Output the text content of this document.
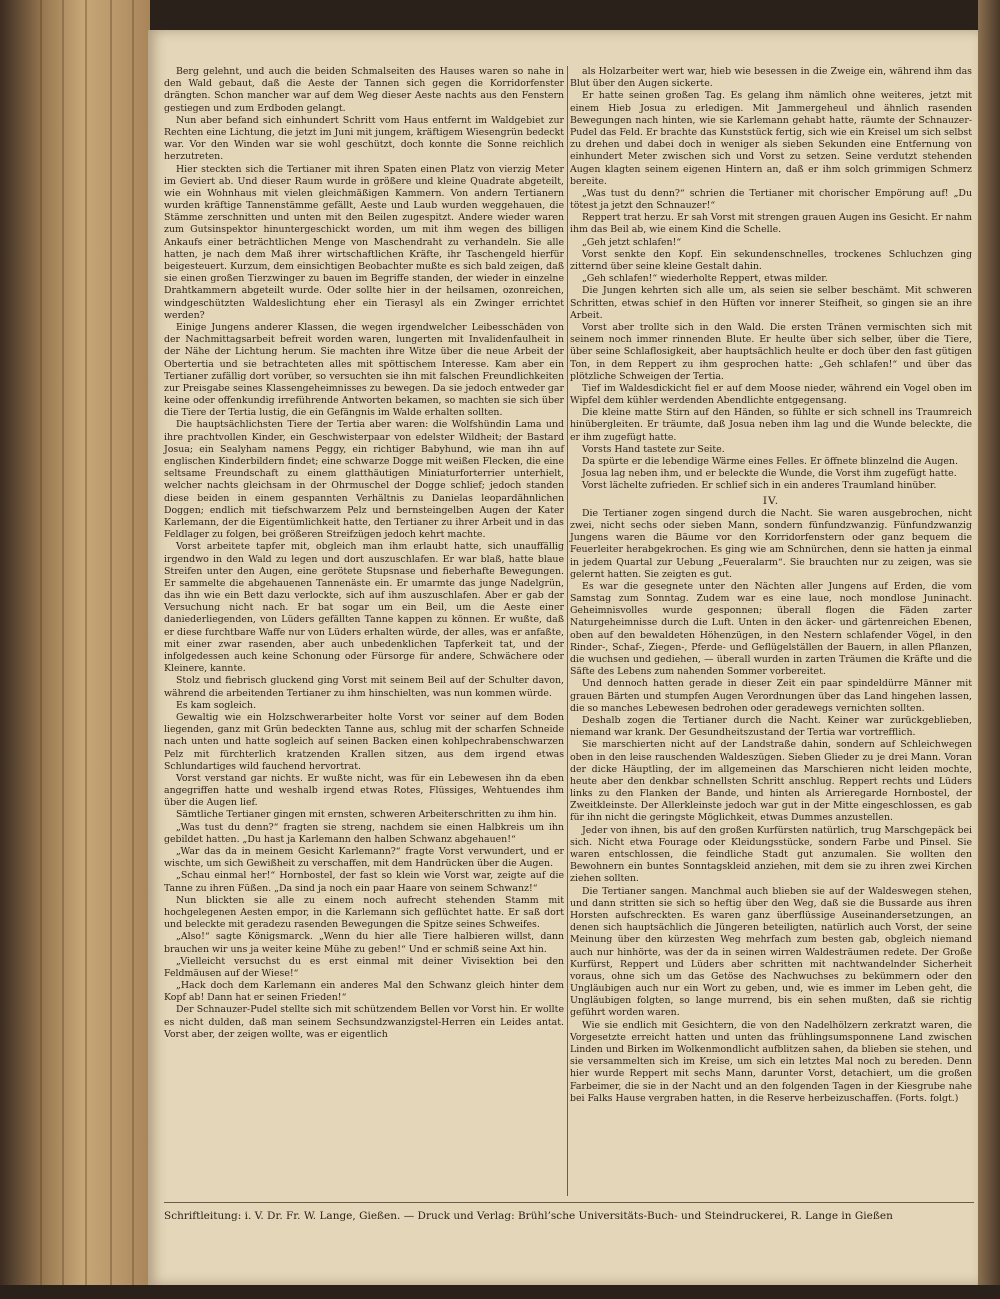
Berg gelehnt, und auch die beiden Schmalseiten des Hauses waren so nahe in den Wald gebaut, daß die Aeste der Tannen sich gegen die Korridorfenster drängten. Schon mancher war auf dem Weg dieser Aeste nachts aus den Fenstern gestiegen und zum Erdboden gelangt.

Nun aber befand sich einhundert Schritt vom Haus entfernt im Waldgebiet zur Rechten eine Lichtung, die jetzt im Juni mit jungem, kräftigem Wiesengrün bedeckt war. Vor den Winden war sie wohl geschützt, doch konnte die Sonne reichlich herzutreten.

Hier steckten sich die Tertianer mit ihren Spaten einen Platz von vierzig Meter im Geviert ab. Und dieser Raum wurde in größere und kleine Quadrate abgeteilt, wie ein Wohnhaus mit vielen gleichmäßigen Kammern. Von andern Tertianern wurden kräftige Tannenstämme gefällt, Aeste und Laub wurden weggehauen, die Stämme zerschnitten und unten mit den Beilen zugespitzt. Andere wieder waren zum Gutsinspektor hinuntergeschickt worden, um mit ihm wegen des billigen Ankaufs einer beträchtlichen Menge von Maschendraht zu verhandeln. Sie alle hatten, je nach dem Maß ihrer wirtschaftlichen Kräfte, ihr Taschengeld hierfür beigesteuert. Kurzum, dem einsichtigen Beobachter mußte es sich bald zeigen, daß sie einen großen Tierzwinger zu bauen im Begriffe standen, der wieder in einzelne Drahtkammern abgeteilt wurde. Oder sollte hier in der heilsamen, ozonreichen, windgeschützten Waldeslichtung eher ein Tierasyl als ein Zwinger errichtet werden?

Einige Jungens anderer Klassen, die wegen irgendwelcher Leibesschäden von der Nachmittagsarbeit befreit worden waren, lungerten mit Invalidenfaulheit in der Nähe der Lichtung herum. Sie machten ihre Witze über die neue Arbeit der Obertertia und sie betrachteten alles mit spöttischem Interesse. Kam aber ein Tertianer zufällig dort vorüber, so versuchten sie ihn mit falschen Freundlichkeiten zur Preisgabe seines Klassengeheimnisses zu bewegen. Da sie jedoch entweder gar keine oder offenkundig irreführende Antworten bekamen, so machten sie sich über die Tiere der Tertia lustig, die ein Gefängnis im Walde erhalten sollten.

Die hauptsächlichsten Tiere der Tertia aber waren: die Wolfshündin Lama und ihre prachtvollen Kinder, ein Geschwisterpaar von edelster Wildheit; der Bastard Josua; ein Sealyham namens Peggy, ein richtiger Babyhund, wie man ihn auf englischen Kinderbildern findet; eine schwarze Dogge mit weißen Flecken, die eine seltsame Freundschaft zu einem glatthäutigen Miniaturforterrier unterhielt, welcher nachts gleichsam in der Ohrmuschel der Dogge schlief; jedoch standen diese beiden in einem gespannten Verhältnis zu Danielas leopardähnlichen Doggen; endlich mit tiefschwarzem Pelz und bernsteingelben Augen der Kater Karlemann, der die Eigentümlichkeit hatte, den Tertianer zu ihrer Arbeit und in das Feldlager zu folgen, bei größeren Streifzügen jedoch kehrt machte.

Vorst arbeitete tapfer mit, obgleich man ihm erlaubt hatte, sich unauffällig irgendwo in den Wald zu legen und dort auszuschlafen. Er war blaß, hatte blaue Streifen unter den Augen, eine gerötete Stupsnase und fieberhafte Bewegungen. Er sammelte die abgehauenen Tannenäste ein. Er umarmte das junge Nadelgrün, das ihn wie ein Bett dazu verlockte, sich auf ihm auszuschlafen. Aber er gab der Versuchung nicht nach. Er bat sogar um ein Beil, um die Aeste einer daniederliegenden, von Lüders gefällten Tanne kappen zu können. Er wußte, daß er diese furchtbare Waffe nur von Lüders erhalten würde, der alles, was er anfaßte, mit einer zwar rasenden, aber auch unbedenklichen Tapferkeit tat, und der infolgedessen auch keine Schonung oder Fürsorge für andere, Schwächere oder Kleinere, kannte.

Stolz und fiebrisch gluckend ging Vorst mit seinem Beil auf der Schulter davon, während die arbeitenden Tertianer zu ihm hinschielten, was nun kommen würde.

Es kam sogleich.

Gewaltig wie ein Holzschwerarbeiter holte Vorst vor seiner auf dem Boden liegenden, ganz mit Grün bedeckten Tanne aus, schlug mit der scharfen Schneide nach unten und hatte sogleich auf seinen Backen einen kohlpechrabenschwarzen Pelz mit fürchterlich kratzenden Krallen sitzen, aus dem irgend etwas Schlundartiges wild fauchend hervortrat.

Vorst verstand gar nichts. Er wußte nicht, was für ein Lebewesen ihn da eben angegriffen hatte und weshalb irgend etwas Rotes, Flüssiges, Wehtuendes ihm über die Augen lief.

Sämtliche Tertianer gingen mit ernsten, schweren Arbeiterschritten zu ihm hin.

„Was tust du denn?“ fragten sie streng, nachdem sie einen Halbkreis um ihn gebildet hatten. „Du hast ja Karlemann den halben Schwanz abgehauen!“

„War das da in meinem Gesicht Karlemann?“ fragte Vorst verwundert, und er wischte, um sich Gewißheit zu verschaffen, mit dem Handrücken über die Augen.

„Schau einmal her!“ Hornbostel, der fast so klein wie Vorst war, zeigte auf die Tanne zu ihren Füßen. „Da sind ja noch ein paar Haare von seinem Schwanz!“

Nun blickten sie alle zu einem noch aufrecht stehenden Stamm mit hochgelegenen Aesten empor, in die Karlemann sich geflüchtet hatte. Er saß dort und beleckte mit geradezu rasenden Bewegungen die Spitze seines Schweifes.

„Also!“ sagte Königsmarck. „Wenn du hier alle Tiere halbieren willst, dann brauchen wir uns ja weiter keine Mühe zu geben!“ Und er schmiß seine Axt hin.

„Vielleicht versuchst du es erst einmal mit deiner Vivisektion bei den Feldmäusen auf der Wiese!“

„Hack doch dem Karlemann ein anderes Mal den Schwanz gleich hinter dem Kopf ab! Dann hat er seinen Frieden!“

Der Schnauzer-Pudel stellte sich mit schützendem Bellen vor Vorst hin. Er wollte es nicht dulden, daß man seinem Sechsundzwanzigstel-Herren ein Leides antat. Vorst aber, der zeigen wollte, was er eigentlich

als Holzarbeiter wert war, hieb wie besessen in die Zweige ein, während ihm das Blut über den Augen sickerte.

Er hatte seinen großen Tag. Es gelang ihm nämlich ohne weiteres, jetzt mit einem Hieb Josua zu erledigen. Mit Jammergeheul und ähnlich rasenden Bewegungen nach hinten, wie sie Karlemann gehabt hatte, räumte der Schnauzer-Pudel das Feld. Er brachte das Kunststück fertig, sich wie ein Kreisel um sich selbst zu drehen und dabei doch in weniger als sieben Sekunden eine Entfernung von einhundert Meter zwischen sich und Vorst zu setzen. Seine verdutzt stehenden Augen klagten seinem eigenen Hintern an, daß er ihm solch grimmigen Schmerz bereite.

„Was tust du denn?“ schrien die Tertianer mit chorischer Empörung auf! „Du tötest ja jetzt den Schnauzer!“

Reppert trat herzu. Er sah Vorst mit strengen grauen Augen ins Gesicht. Er nahm ihm das Beil ab, wie einem Kind die Schelle.

„Geh jetzt schlafen!“

Vorst senkte den Kopf. Ein sekundenschnelles, trockenes Schluchzen ging zitternd über seine kleine Gestalt dahin.

„Geh schlafen!“ wiederholte Reppert, etwas milder.

Die Jungen kehrten sich alle um, als seien sie selber beschämt. Mit schweren Schritten, etwas schief in den Hüften vor innerer Steifheit, so gingen sie an ihre Arbeit.

Vorst aber trollte sich in den Wald. Die ersten Tränen vermischten sich mit seinem noch immer rinnenden Blute. Er heulte über sich selber, über die Tiere, über seine Schlaflosigkeit, aber hauptsächlich heulte er doch über den fast gütigen Ton, in dem Reppert zu ihm gesprochen hatte: „Geh schlafen!“ und über das plötzliche Schweigen der Tertia.

Tief im Waldesdickicht fiel er auf dem Moose nieder, während ein Vogel oben im Wipfel dem kühler werdenden Abendlichte entgegensang.

Die kleine matte Stirn auf den Händen, so fühlte er sich schnell ins Traumreich hinübergleiten. Er träumte, daß Josua neben ihm lag und die Wunde beleckte, die er ihm zugefügt hatte.

Vorsts Hand tastete zur Seite.

Da spürte er die lebendige Wärme eines Felles. Er öffnete blinzelnd die Augen.

Josua lag neben ihm, und er beleckte die Wunde, die Vorst ihm zugefügt hatte.

Vorst lächelte zufrieden. Er schlief sich in ein anderes Traumland hinüber.

IV.

Die Tertianer zogen singend durch die Nacht. Sie waren ausgebrochen, nicht zwei, nicht sechs oder sieben Mann, sondern fünfundzwanzig. Fünfundzwanzig Jungens waren die Bäume vor den Korridorfenstern oder ganz bequem die Feuerleiter herabgekrochen. Es ging wie am Schnürchen, denn sie hatten ja einmal in jedem Quartal zur Uebung „Feueralarm“. Sie brauchten nur zu zeigen, was sie gelernt hatten. Sie zeigten es gut.

Es war die gesegnete unter den Nächten aller Jungens auf Erden, die vom Samstag zum Sonntag. Zudem war es eine laue, noch mondlose Juninacht. Geheimnisvolles wurde gesponnen; überall flogen die Fäden zarter Naturgeheimnisse durch die Luft. Unten in den äcker- und gärtenreichen Ebenen, oben auf den bewaldeten Höhenzügen, in den Nestern schlafender Vögel, in den Rinder-, Schaf-, Ziegen-, Pferde- und Geflügelställen der Bauern, in allen Pflanzen, die wuchsen und gediehen, — überall wurden in zarten Träumen die Kräfte und die Säfte des Lebens zum nahenden Sommer vorbereitet.

Und dennoch hatten gerade in dieser Zeit ein paar spindeldürre Männer mit grauen Bärten und stumpfen Augen Verordnungen über das Land hingehen lassen, die so manches Lebewesen bedrohen oder geradewegs vernichten sollten.

Deshalb zogen die Tertianer durch die Nacht. Keiner war zurückgeblieben, niemand war krank. Der Gesundheitszustand der Tertia war vortrefflich.

Sie marschierten nicht auf der Landstraße dahin, sondern auf Schleichwegen oben in den leise rauschenden Waldeszügen. Sieben Glieder zu je drei Mann. Voran der dicke Häuptling, der im allgemeinen das Marschieren nicht leiden mochte, heute aber den denkbar schnellsten Schritt anschlug. Reppert rechts und Lüders links zu den Flanken der Bande, und hinten als Arrieregarde Hornbostel, der Zweitkleinste. Der Allerkleinste jedoch war gut in der Mitte eingeschlossen, es gab für ihn nicht die geringste Möglichkeit, etwas Dummes anzustellen.

Jeder von ihnen, bis auf den großen Kurfürsten natürlich, trug Marschgepäck bei sich. Nicht etwa Fourage oder Kleidungsstücke, sondern Farbe und Pinsel. Sie waren entschlossen, die feindliche Stadt gut anzumalen. Sie wollten den Bewohnern ein buntes Sonntagskleid anziehen, mit dem sie zu ihren zwei Kirchen ziehen sollten.

Die Tertianer sangen. Manchmal auch blieben sie auf der Waldeswegen stehen, und dann stritten sie sich so heftig über den Weg, daß sie die Bussarde aus ihren Horsten aufschreckten. Es waren ganz überflüssige Auseinandersetzungen, an denen sich hauptsächlich die Jüngeren beteiligten, natürlich auch Vorst, der seine Meinung über den kürzesten Weg mehrfach zum besten gab, obgleich niemand auch nur hinhörte, was der da in seinen wirren Waldesträumen redete. Der Große Kurfürst, Reppert und Lüders aber schritten mit nachtwandelnder Sicherheit voraus, ohne sich um das Getöse des Nachwuchses zu bekümmern oder den Ungläubigen auch nur ein Wort zu geben, und, wie es immer im Leben geht, die Ungläubigen folgten, so lange murrend, bis ein sehen mußten, daß sie richtig geführt worden waren.

Wie sie endlich mit Gesichtern, die von den Nadelhölzern zerkratzt waren, die Vorgesetzte erreicht hatten und unten das frühlingsumsponnene Land zwischen Linden und Birken im Wolkenmondlicht aufblitzen sahen, da blieben sie stehen, und sie versammelten sich im Kreise, um sich ein letztes Mal noch zu bereden. Denn hier wurde Reppert mit sechs Mann, darunter Vorst, detachiert, um die großen Farbeimer, die sie in der Nacht und an den folgenden Tagen in der Kiesgrube nahe bei Falks Hause vergraben hatten, in die Reserve herbeizuschaffen. (Forts. folgt.)

Schriftleitung: i. V. Dr. Fr. W. Lange, Gießen. — Druck und Verlag: Brühl’sche Universitäts-Buch- und Steindruckerei, R. Lange in Gießen
